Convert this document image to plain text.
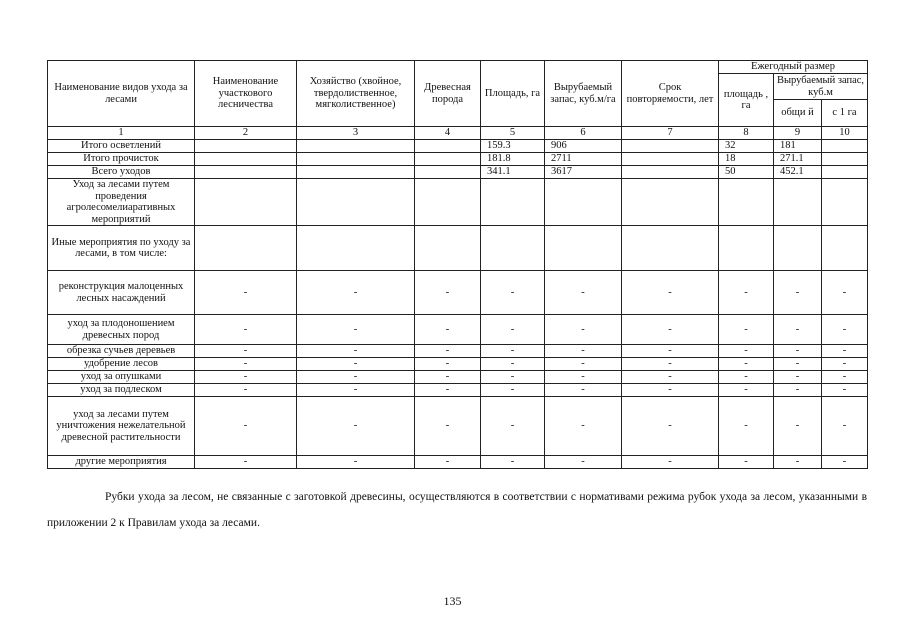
Наименование видов ухода за лесами	Наименование участкового лесничества	Хозяйство (хвойное, твердолиственное, мягколиственное)	Древесная порода	Площадь, га	Вырубаемый запас, куб.м/га	Срок повторяемости, лет	Ежегодный размер		
							площадь , га	Вырубаемый запас, куб.м	
								общи й	с 1 га
1	2	3	4	5	6	7	8	9	10
Итого осветлений				159.3	906		32	181	
Итого прочисток				181.8	2711		18	271.1	
Всего уходов				341.1	3617		50	452.1	
Уход за лесами путем проведения агролесомелиаративных мероприятий									
Иные мероприятия по уходу за лесами, в том числе:									
реконструкция малоценных лесных насаждений	-	-	-	-	-	-	-	-	-
уход за плодоношением древесных пород	-	-	-	-	-	-	-	-	-
обрезка сучьев деревьев	-	-	-	-	-	-	-	-	-
удобрение лесов	-	-	-	-	-	-	-	-	-
уход за опушками	-	-	-	-	-	-	-	-	-
уход за подлеском	-	-	-	-	-	-	-	-	-
уход за лесами путем уничтожения нежелательной древесной растительности	-	-	-	-	-	-	-	-	-
другие мероприятия	-	-	-	-	-	-	-	-	-
Рубки ухода за лесом, не связанные с заготовкой древесины, осуществляются в соответствии с нормативами режима рубок ухода за лесом, указанными в приложении 2 к Правилам ухода за лесами.
135
